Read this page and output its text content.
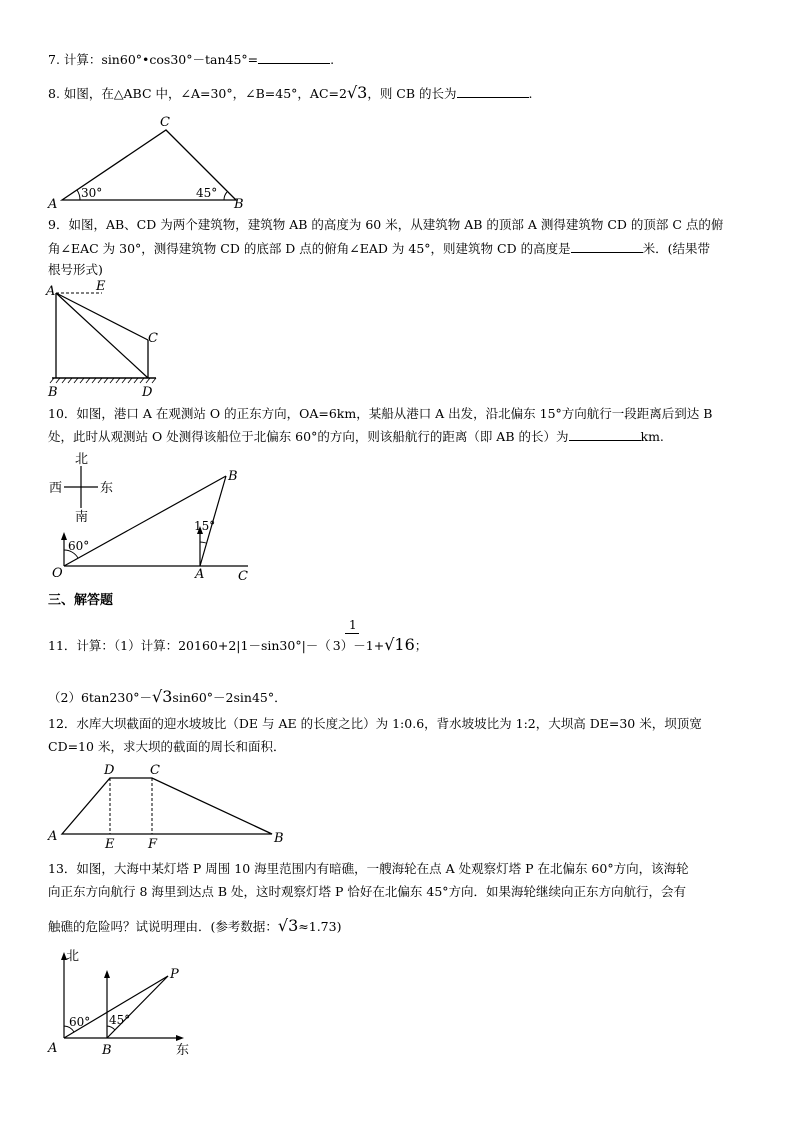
7. 计算：sin60°•cos30°－tan45°=	.
8. 如图，在△ABC 中，∠A=30°，∠B=45°，AC=2√3，则 CB 的长为	.
A	B
C
30°	45°
9．如图，AB、CD 为两个建筑物，建筑物 AB 的高度为 60 米，从建筑物 AB 的顶部 A 测得建筑物 CD 的顶部 C 点的俯
角∠EAC 为 30°，测得建筑物 CD 的底部 D 点的俯角∠EAD 为 45°，则建筑物 CD 的高度是	米．(结果带
根号形式)
A	E
C
B	D
10．如图，港口 A 在观测站 O 的正东方向，OA=6km，某船从港口 A 出发，沿北偏东 15°方向航行一段距离后到达 B
处，此时从观测站 O 处测得该船位于北偏东 60°的方向，则该船航行的距离（即 AB 的长）为	km.
北
西	东
南
60°
15°
B
O	A	C
三、解答题
1
11．计算：（1）计算：20160+2|1－sin30°|－（ 3）－1+√16；
（2）6tan230°－√3sin60°－2sin45°．
12．水库大坝截面的迎水坡坡比（DE 与 AE 的长度之比）为 1:0.6，背水坡坡比为 1:2，大坝高 DE=30 米，坝顶宽
CD=10 米，求大坝的截面的周长和面积．
A	B
D	C
E	F
13．如图，大海中某灯塔 P 周围 10 海里范围内有暗礁，一艘海轮在点 A 处观察灯塔 P 在北偏东 60°方向，该海轮
向正东方向航行 8 海里到达点 B 处，这时观察灯塔 P 恰好在北偏东 45°方向．如果海轮继续向正东方向航行，会有
触礁的危险吗？试说明理由．(参考数据：√3≈1.73)
北
东
P
A	B
60° 45°
